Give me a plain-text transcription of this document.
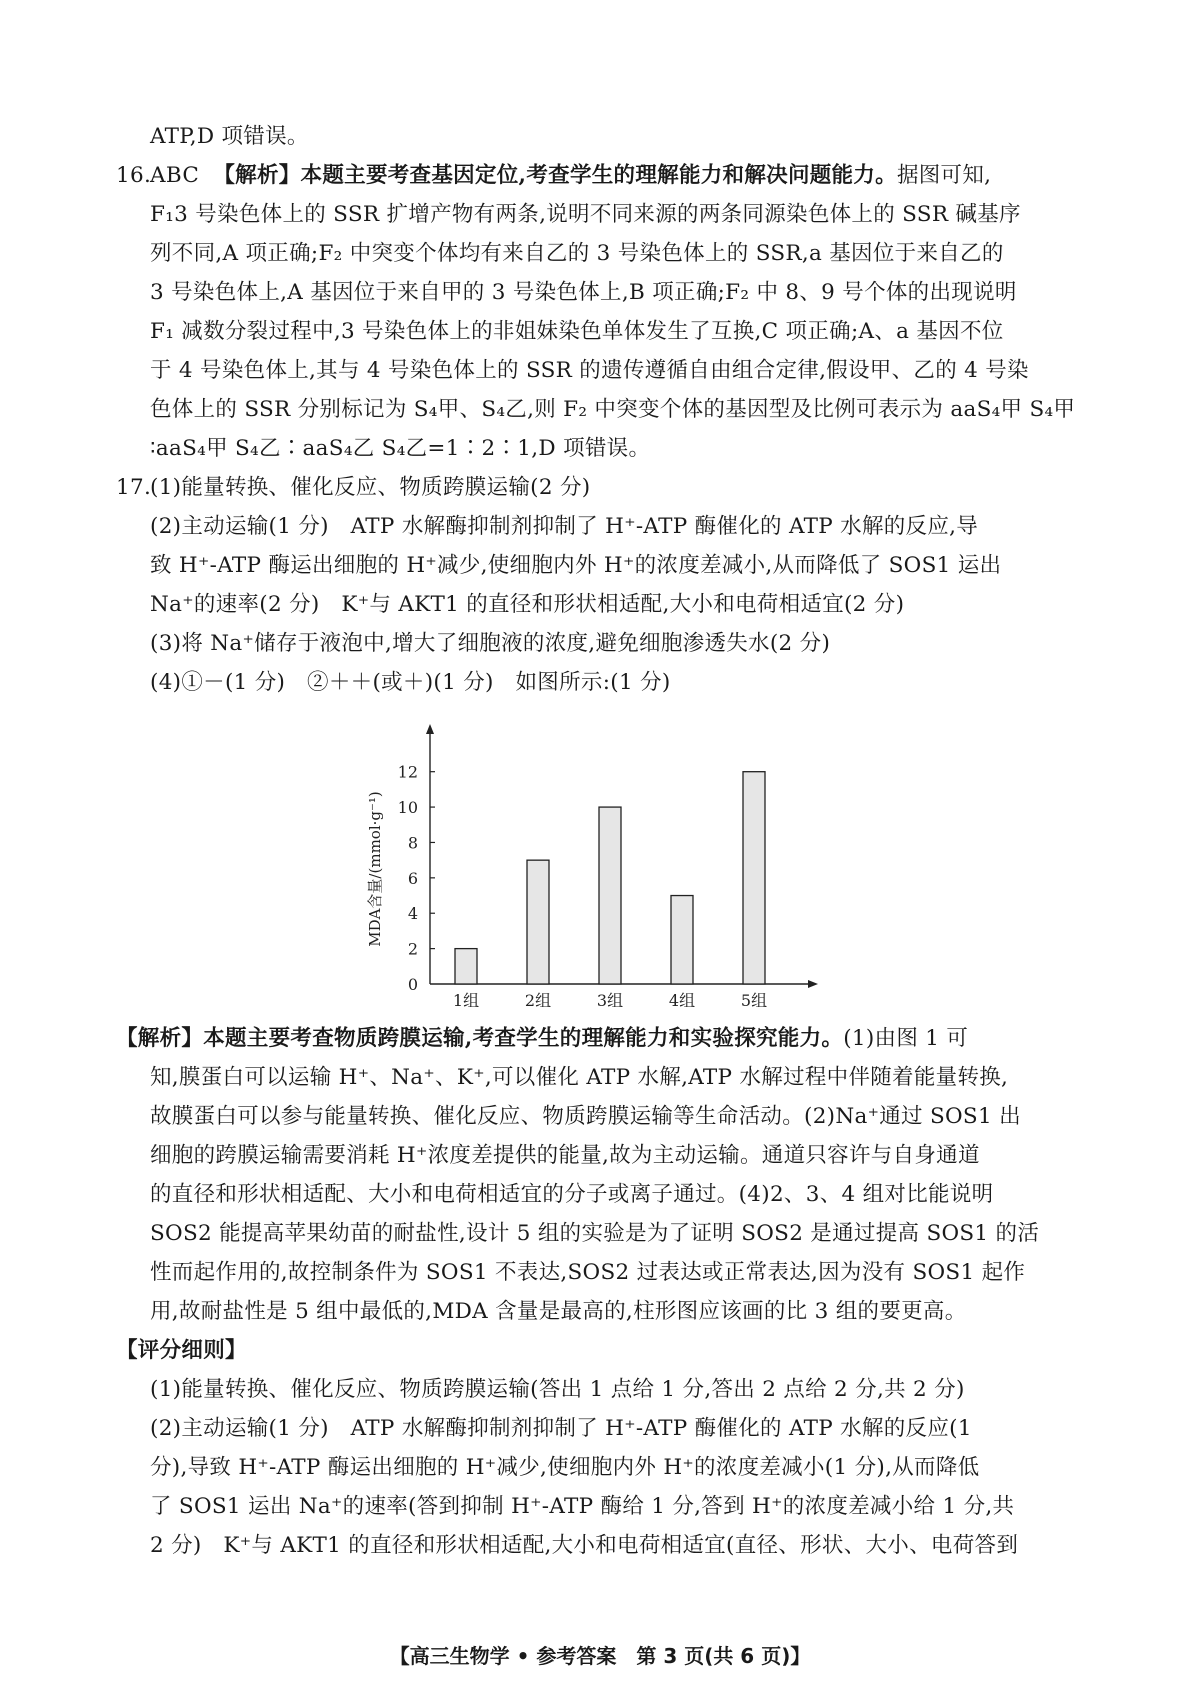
ATP,D 项错误。
16.
ABC 【解析】本题主要考查基因定位,考查学生的理解能力和解决问题能力。据图可知,
F₁3 号染色体上的 SSR 扩增产物有两条,说明不同来源的两条同源染色体上的 SSR 碱基序
列不同,A 项正确;F₂ 中突变个体均有来自乙的 3 号染色体上的 SSR,a 基因位于来自乙的
3 号染色体上,A 基因位于来自甲的 3 号染色体上,B 项正确;F₂ 中 8、9 号个体的出现说明
F₁ 减数分裂过程中,3 号染色体上的非姐妹染色单体发生了互换,C 项正确;A、a 基因不位
于 4 号染色体上,其与 4 号染色体上的 SSR 的遗传遵循自由组合定律,假设甲、乙的 4 号染
色体上的 SSR 分别标记为 S₄甲、S₄乙,则 F₂ 中突变个体的基因型及比例可表示为 aaS₄甲 S₄甲
∶aaS₄甲 S₄乙∶aaS₄乙 S₄乙=1∶2∶1,D 项错误。
17.
(1)能量转换、催化反应、物质跨膜运输(2 分)
(2)主动运输(1 分)　ATP 水解酶抑制剂抑制了 H⁺-ATP 酶催化的 ATP 水解的反应,导
致 H⁺-ATP 酶运出细胞的 H⁺减少,使细胞内外 H⁺的浓度差减小,从而降低了 SOS1 运出
Na⁺的速率(2 分)　K⁺与 AKT1 的直径和形状相适配,大小和电荷相适宜(2 分)
(3)将 Na⁺储存于液泡中,增大了细胞液的浓度,避免细胞渗透失水(2 分)
(4)①－(1 分)　②＋＋(或＋)(1 分)　如图所示:(1 分)
0
2
4
6
8
10
12
MDA含量/(mmol·g⁻¹)
1组	2组	3组	4组	5组
【解析】本题主要考查物质跨膜运输,考查学生的理解能力和实验探究能力。(1)由图 1 可
知,膜蛋白可以运输 H⁺、Na⁺、K⁺,可以催化 ATP 水解,ATP 水解过程中伴随着能量转换,
故膜蛋白可以参与能量转换、催化反应、物质跨膜运输等生命活动。(2)Na⁺通过 SOS1 出
细胞的跨膜运输需要消耗 H⁺浓度差提供的能量,故为主动运输。通道只容许与自身通道
的直径和形状相适配、大小和电荷相适宜的分子或离子通过。(4)2、3、4 组对比能说明
SOS2 能提高苹果幼苗的耐盐性,设计 5 组的实验是为了证明 SOS2 是通过提高 SOS1 的活
性而起作用的,故控制条件为 SOS1 不表达,SOS2 过表达或正常表达,因为没有 SOS1 起作
用,故耐盐性是 5 组中最低的,MDA 含量是最高的,柱形图应该画的比 3 组的要更高。
【评分细则】
(1)能量转换、催化反应、物质跨膜运输(答出 1 点给 1 分,答出 2 点给 2 分,共 2 分)
(2)主动运输(1 分)　ATP 水解酶抑制剂抑制了 H⁺-ATP 酶催化的 ATP 水解的反应(1
分),导致 H⁺-ATP 酶运出细胞的 H⁺减少,使细胞内外 H⁺的浓度差减小(1 分),从而降低
了 SOS1 运出 Na⁺的速率(答到抑制 H⁺-ATP 酶给 1 分,答到 H⁺的浓度差减小给 1 分,共
2 分)　K⁺与 AKT1 的直径和形状相适配,大小和电荷相适宜(直径、形状、大小、电荷答到
【高三生物学 • 参考答案　第 3 页(共 6 页)】
